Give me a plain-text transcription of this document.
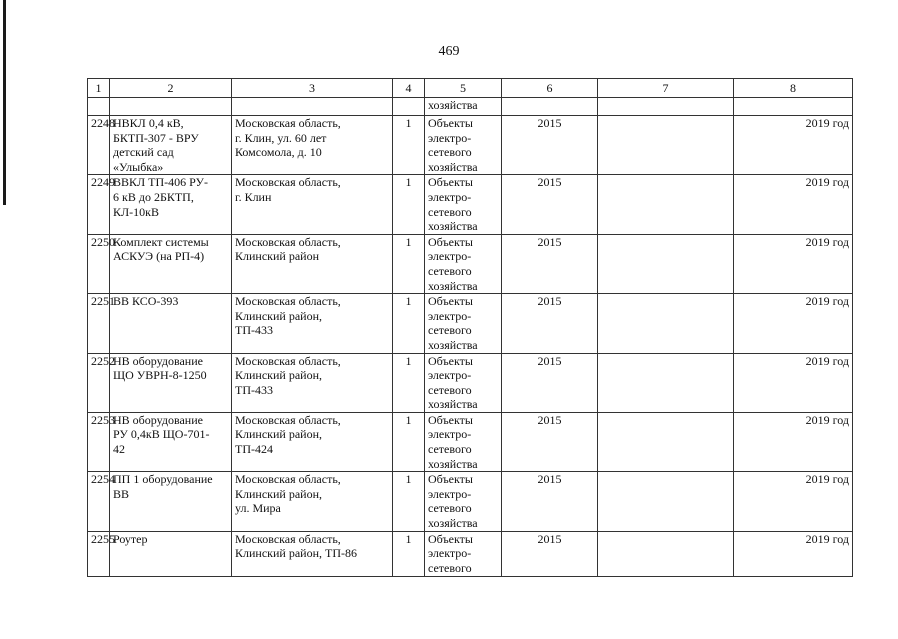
469
1	2	3	4	5	6	7	8
				хозяйства			
2248	НВКЛ 0,4 кВ,
БКТП-307 - ВРУ
детский сад
«Улыбка»	Московская область,
г. Клин, ул. 60 лет
Комсомола, д. 10	1	Объекты
электро-
сетевого
хозяйства	2015		2019 год
2249	ВВКЛ ТП-406 РУ-
6 кВ до 2БКТП,
КЛ-10кВ	Московская область,
г. Клин	1	Объекты
электро-
сетевого
хозяйства	2015		2019 год
2250	Комплект системы
АСКУЭ (на РП-4)	Московская область,
Клинский район	1	Объекты
электро-
сетевого
хозяйства	2015		2019 год
2251	ВВ КСО-393	Московская область,
Клинский район,
ТП-433	1	Объекты
электро-
сетевого
хозяйства	2015		2019 год
2252	НВ оборудование
ЩО УВРН-8-1250	Московская область,
Клинский район,
ТП-433	1	Объекты
электро-
сетевого
хозяйства	2015		2019 год
2253	НВ оборудование
РУ 0,4кВ ЩО-701-
42	Московская область,
Клинский район,
ТП-424	1	Объекты
электро-
сетевого
хозяйства	2015		2019 год
2254	ПП 1 оборудование
ВВ	Московская область,
Клинский район,
ул. Мира	1	Объекты
электро-
сетевого
хозяйства	2015		2019 год
2255	Роутер	Московская область,
Клинский район, ТП-86	1	Объекты
электро-
сетевого	2015		2019 год
